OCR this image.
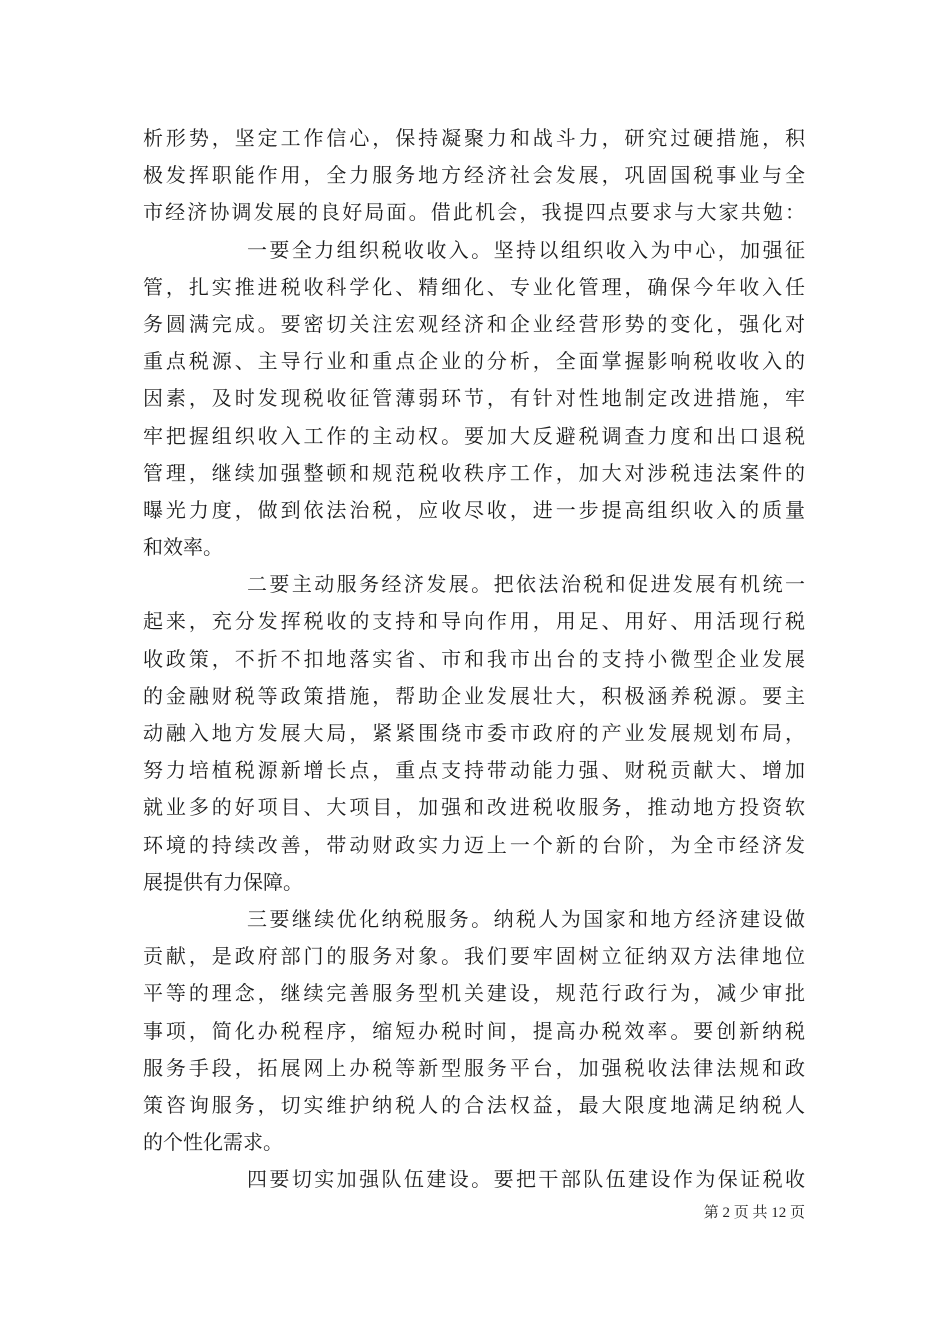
析形势，坚定工作信心，保持凝聚力和战斗力，研究过硬措施，积
极发挥职能作用，全力服务地方经济社会发展，巩固国税事业与全
市经济协调发展的良好局面。借此机会，我提四点要求与大家共勉：
一要全力组织税收收入。坚持以组织收入为中心，加强征
管，扎实推进税收科学化、精细化、专业化管理，确保今年收入任
务圆满完成。要密切关注宏观经济和企业经营形势的变化，强化对
重点税源、主导行业和重点企业的分析，全面掌握影响税收收入的
因素，及时发现税收征管薄弱环节，有针对性地制定改进措施，牢
牢把握组织收入工作的主动权。要加大反避税调查力度和出口退税
管理，继续加强整顿和规范税收秩序工作，加大对涉税违法案件的
曝光力度，做到依法治税，应收尽收，进一步提高组织收入的质量
和效率。
二要主动服务经济发展。把依法治税和促进发展有机统一
起来，充分发挥税收的支持和导向作用，用足、用好、用活现行税
收政策，不折不扣地落实省、市和我市出台的支持小微型企业发展
的金融财税等政策措施，帮助企业发展壮大，积极涵养税源。要主
动融入地方发展大局，紧紧围绕市委市政府的产业发展规划布局，
努力培植税源新增长点，重点支持带动能力强、财税贡献大、增加
就业多的好项目、大项目，加强和改进税收服务，推动地方投资软
环境的持续改善，带动财政实力迈上一个新的台阶，为全市经济发
展提供有力保障。
三要继续优化纳税服务。纳税人为国家和地方经济建设做
贡献，是政府部门的服务对象。我们要牢固树立征纳双方法律地位
平等的理念，继续完善服务型机关建设，规范行政行为，减少审批
事项，简化办税程序，缩短办税时间，提高办税效率。要创新纳税
服务手段，拓展网上办税等新型服务平台，加强税收法律法规和政
策咨询服务，切实维护纳税人的合法权益，最大限度地满足纳税人
的个性化需求。
四要切实加强队伍建设。要把干部队伍建设作为保证税收
第 2 页 共 12 页
